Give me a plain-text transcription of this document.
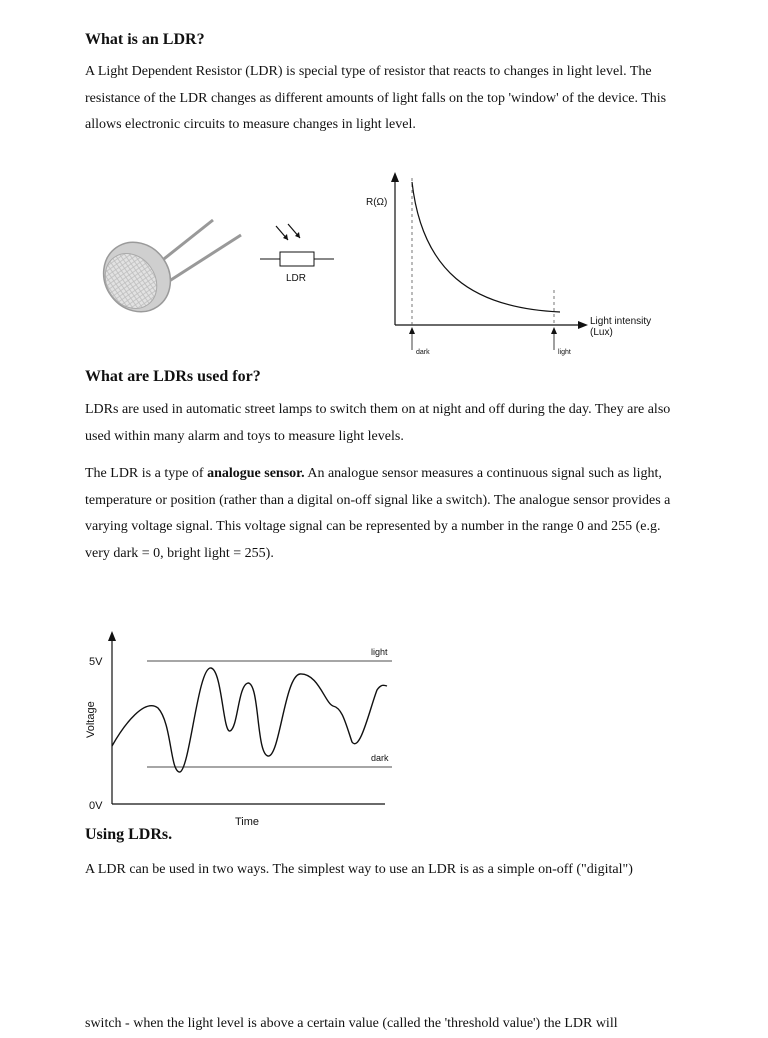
What is an LDR?

A Light Dependent Resistor (LDR) is special type of resistor that reacts to changes in light level. The resistance of the LDR changes as different amounts of light falls on the top 'window' of the device. This allows electronic circuits to measure changes in light level.

LDR
R(Ω)
Light intensity
(Lux)
dark	light
What are LDRs used for?

LDRs are used in automatic street lamps to switch them on at night and off during the day. They are also used within many alarm and toys to measure light levels.

The LDR is a type of analogue sensor. An analogue sensor measures a continuous signal such as light, temperature or position (rather than a digital on-off signal like a switch). The analogue sensor provides a varying voltage signal. This voltage signal can be represented by a number in the range 0 and 255 (e.g. very dark = 0, bright light = 255).

5V
0V
Voltage
Time
light
dark
Using LDRs.

A LDR can be used in two ways. The simplest way to use an LDR is as a simple on-off ("digital")

switch - when the light level is above a certain value (called the 'threshold value') the LDR will
